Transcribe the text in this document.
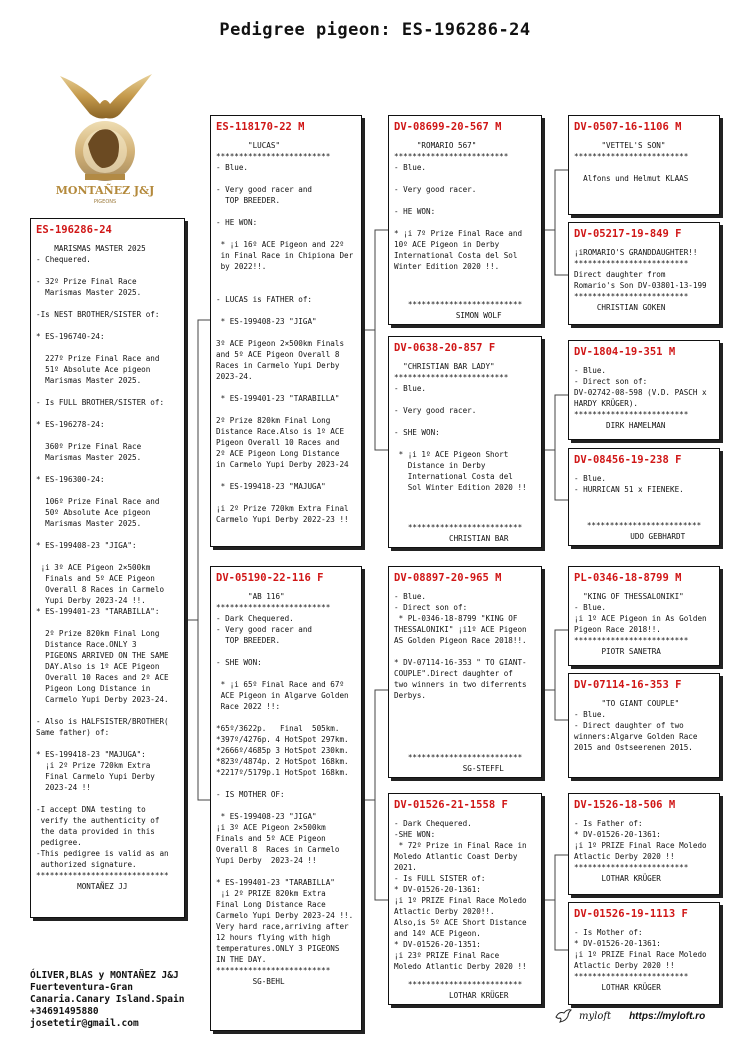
Pedigree pigeon: ES-196286-24
MONTAÑEZ J&J
PIGEONS
ES-196286-24
MARISMAS MASTER 2025
- Chequered.

- 32º Prize Final Race
Marismas Master 2025.

-Is NEST BROTHER/SISTER of:

* ES-196740-24:

227º Prize Final Race and
51º Absolute Ace pigeon
Marismas Master 2025.

- Is FULL BROTHER/SISTER of:

* ES-196278-24:

360º Prize Final Race
Marismas Master 2025.

* ES-196300-24:

106º Prize Final Race and
50º Absolute Ace pigeon
Marismas Master 2025.

* ES-199408-23 "JIGA":

¡i 3º ACE Pigeon 2×500km
Finals and 5º ACE Pigeon
Overall 8 Races in Carmelo
Yupi Derby 2023-24 !!.
* ES-199401-23 "TARABILLA":

2º Prize 820km Final Long
Distance Race.ONLY 3
PIGEONS ARRIVED ON THE SAME
DAY.Also is 1º ACE Pigeon
Overall 10 Races and 2º ACE
Pigeon Long Distance in
Carmelo Yupi Derby 2023-24.

- Also is HALFSISTER/BROTHER(
Same father) of:

* ES-199418-23 "MAJUGA":
¡i 2º Prize 720km Extra
Final Carmelo Yupi Derby
2023-24 !!

-I accept DNA testing to
verify the authenticity of
the data provided in this
pedigree.
-This pedigree is valid as an
authorized signature.
*****************************
MONTAÑEZ JJ
ES-118170-22 M
"LUCAS"
*************************
- Blue.

- Very good racer and
TOP BREEDER.

- HE WON:

* ¡i 16º ACE Pigeon and 22º
in Final Race in Chipiona Der
by 2022!!.

- LUCAS is FATHER of:

* ES-199408-23 "JIGA"

3º ACE Pigeon 2×500km Finals
and 5º ACE Pigeon Overall 8
Races in Carmelo Yupi Derby
2023-24.

* ES-199401-23 "TARABILLA"

2º Prize 820km Final Long
Distance Race.Also is 1º ACE
Pigeon Overall 10 Races and
2º ACE Pigeon Long Distance
in Carmelo Yupi Derby 2023-24

* ES-199418-23 "MAJUGA"

¡i 2º Prize 720km Extra Final
Carmelo Yupi Derby 2022-23 !!
DV-05190-22-116 F
"AB 116"
*************************
- Dark Chequered.
- Very good racer and
TOP BREEDER.

- SHE WON:

* ¡i 65º Final Race and 67º
ACE Pigeon in Algarve Golden
Race 2022 !!:

*65º/3622p.   Final  505km.
*397º/4276p. 4 HotSpot 297km.
*2666º/4685p 3 HotSpot 230km.
*823º/4874p. 2 HotSpot 168km.
*2217º/5179p.1 HotSpot 168km.

- IS MOTHER OF:

* ES-199408-23 "JIGA"
¡i 3º ACE Pigeon 2×500km
Finals and 5º ACE Pigeon
Overall 8  Races in Carmelo
Yupi Derby  2023-24 !!

* ES-199401-23 "TARABILLA"
¡i 2º PRIZE 820km Extra
Final Long Distance Race
Carmelo Yupi Derby 2023-24 !!.
Very hard race,arriving after
12 hours flying with high
temperatures.ONLY 3 PIGEONS
IN THE DAY.
*************************
SG-BEHL
DV-08699-20-567 M
"ROMARIO 567"
*************************
- Blue.

- Very good racer.

- HE WON:

* ¡i 7º Prize Final Race and
10º ACE Pigeon in Derby
International Costa del Sol
Winter Edition 2020 !!.
*************************
SIMON WOLF
DV-0638-20-857 F
"CHRISTIAN BAR LADY"
*************************
- Blue.

- Very good racer.

- SHE WON:

* ¡i 1º ACE Pigeon Short
Distance in Derby
International Costa del
Sol Winter Edition 2020 !!
*************************
CHRISTIAN BAR
DV-08897-20-965 M
- Blue.
- Direct son of:
* PL-0346-18-8799 "KING OF
THESSALONIKI" ¡i1º ACE Pigeon
AS Golden Pigeon Race 2018!!.

* DV-07114-16-353 " TO GIANT-
COUPLE".Direct daughter of
two winners in two diferrents
Derbys.
*************************
SG-STEFFL
DV-01526-21-1558 F
- Dark Chequered.
-SHE WON:
* 72º Prize in Final Race in
Moledo Atlantic Coast Derby
2021.
- Is FULL SISTER of:
* DV-01526-20-1361:
¡i 1º PRIZE Final Race Moledo
Atlactic Derby 2020!!.
Also,is 5º ACE Short Distance
and 14º ACE Pigeon.
* DV-01526-20-1351:
¡i 23º PRIZE Final Race
Moledo Atlantic Derby 2020 !!
*************************
LOTHAR KRÜGER
DV-0507-16-1106 M
"VETTEL'S SON"
*************************

Alfons und Helmut KLAAS
DV-05217-19-849 F
¡iROMARIO'S GRANDDAUGHTER!!
*************************
Direct daughter from
Romario's Son DV-03801-13-199
*************************
CHRISTIAN GOKEN
DV-1804-19-351 M
- Blue.
- Direct son of:
DV-02742-08-598 (V.D. PASCH x
HARDY KRÜGER).
*************************
DIRK HAMELMAN
DV-08456-19-238 F
- Blue.
- HURRICAN 51 x FIENEKE.
*************************
UDO GEBHARDT
PL-0346-18-8799 M
"KING OF THESSALONIKI"
- Blue.
¡i 1º ACE Pigeon in As Golden
Pigeon Race 2018!!.
*************************
PIOTR SANETRA
DV-07114-16-353 F
"TO GIANT COUPLE"
- Blue.
- Direct daughter of two
winners:Algarve Golden Race
2015 and Ostseerenen 2015.
DV-1526-18-506 M
- Is Father of:
* DV-01526-20-1361:
¡i 1º PRIZE Final Race Moledo
Atlactic Derby 2020 !!
*************************
LOTHAR KRÜGER
DV-01526-19-1113 F
- Is Mother of:
* DV-01526-20-1361:
¡i 1º PRIZE Final Race Moledo
Atlactic Derby 2020 !!
*************************
LOTHAR KRÜGER
ÓLIVER,BLAS y MONTAÑEZ J&J
Fuerteventura-Gran
Canaria.Canary Island.Spain
+34691495880
josetetir@gmail.com
myloft https://myloft.ro
